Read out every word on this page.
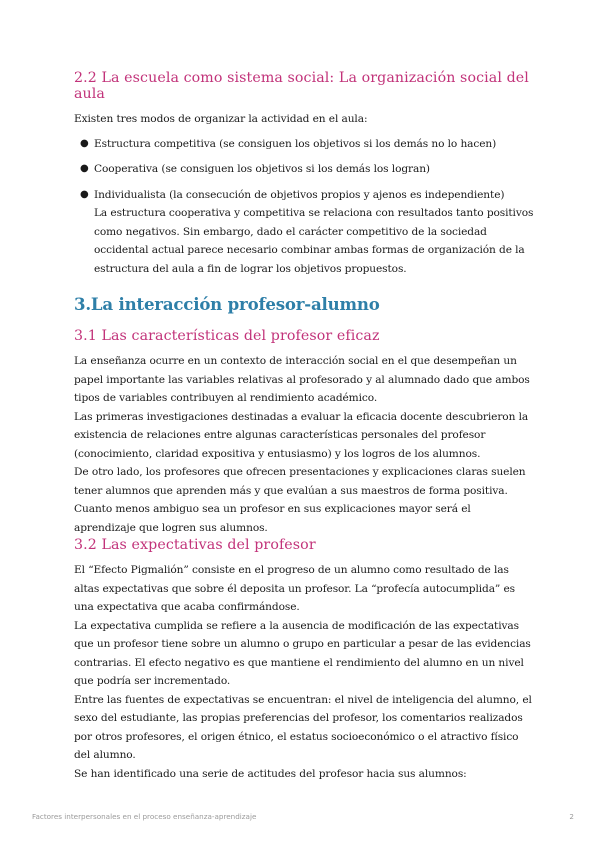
2.2 La escuela como sistema social: La organización social del aula

Existen tres modos de organizar la actividad en el aula:

● Estructura competitiva (se consiguen los objetivos si los demás no lo hacen)
● Cooperativa (se consiguen los objetivos si los demás los logran)
● Individualista (la consecución de objetivos propios y ajenos es independiente)
La estructura cooperativa y competitiva se relaciona con resultados tanto positivos como negativos. Sin embargo, dado el carácter competitivo de la sociedad occidental actual parece necesario combinar ambas formas de organización de la estructura del aula a fin de lograr los objetivos propuestos.
3.La interacción profesor-alumno
3.1 Las características del profesor eficaz

La enseñanza ocurre en un contexto de interacción social en el que desempeñan un papel importante las variables relativas al profesorado y al alumnado dado que ambos tipos de variables contribuyen al rendimiento académico.

Las primeras investigaciones destinadas a evaluar la eficacia docente descubrieron la existencia de relaciones entre algunas características personales del profesor (conocimiento, claridad expositiva y entusiasmo) y los logros de los alumnos.

De otro lado, los profesores que ofrecen presentaciones y explicaciones claras suelen tener alumnos que aprenden más y que evalúan a sus maestros de forma positiva.

Cuanto menos ambiguo sea un profesor en sus explicaciones mayor será el aprendizaje que logren sus alumnos.

3.2 Las expectativas del profesor

El “Efecto Pigmalión” consiste en el progreso de un alumno como resultado de las altas expectativas que sobre él deposita un profesor. La “profecía autocumplida” es una expectativa que acaba confirmándose.

La expectativa cumplida se refiere a la ausencia de modificación de las expectativas que un profesor tiene sobre un alumno o grupo en particular a pesar de las evidencias contrarias. El efecto negativo es que mantiene el rendimiento del alumno en un nivel que podría ser incrementado.

Entre las fuentes de expectativas se encuentran: el nivel de inteligencia del alumno, el sexo del estudiante, las propias preferencias del profesor, los comentarios realizados por otros profesores, el origen étnico, el estatus socioeconómico o el atractivo físico del alumno.

Se han identificado una serie de actitudes del profesor hacia sus alumnos:

Factores interpersonales en el proceso enseñanza-aprendizaje	2
